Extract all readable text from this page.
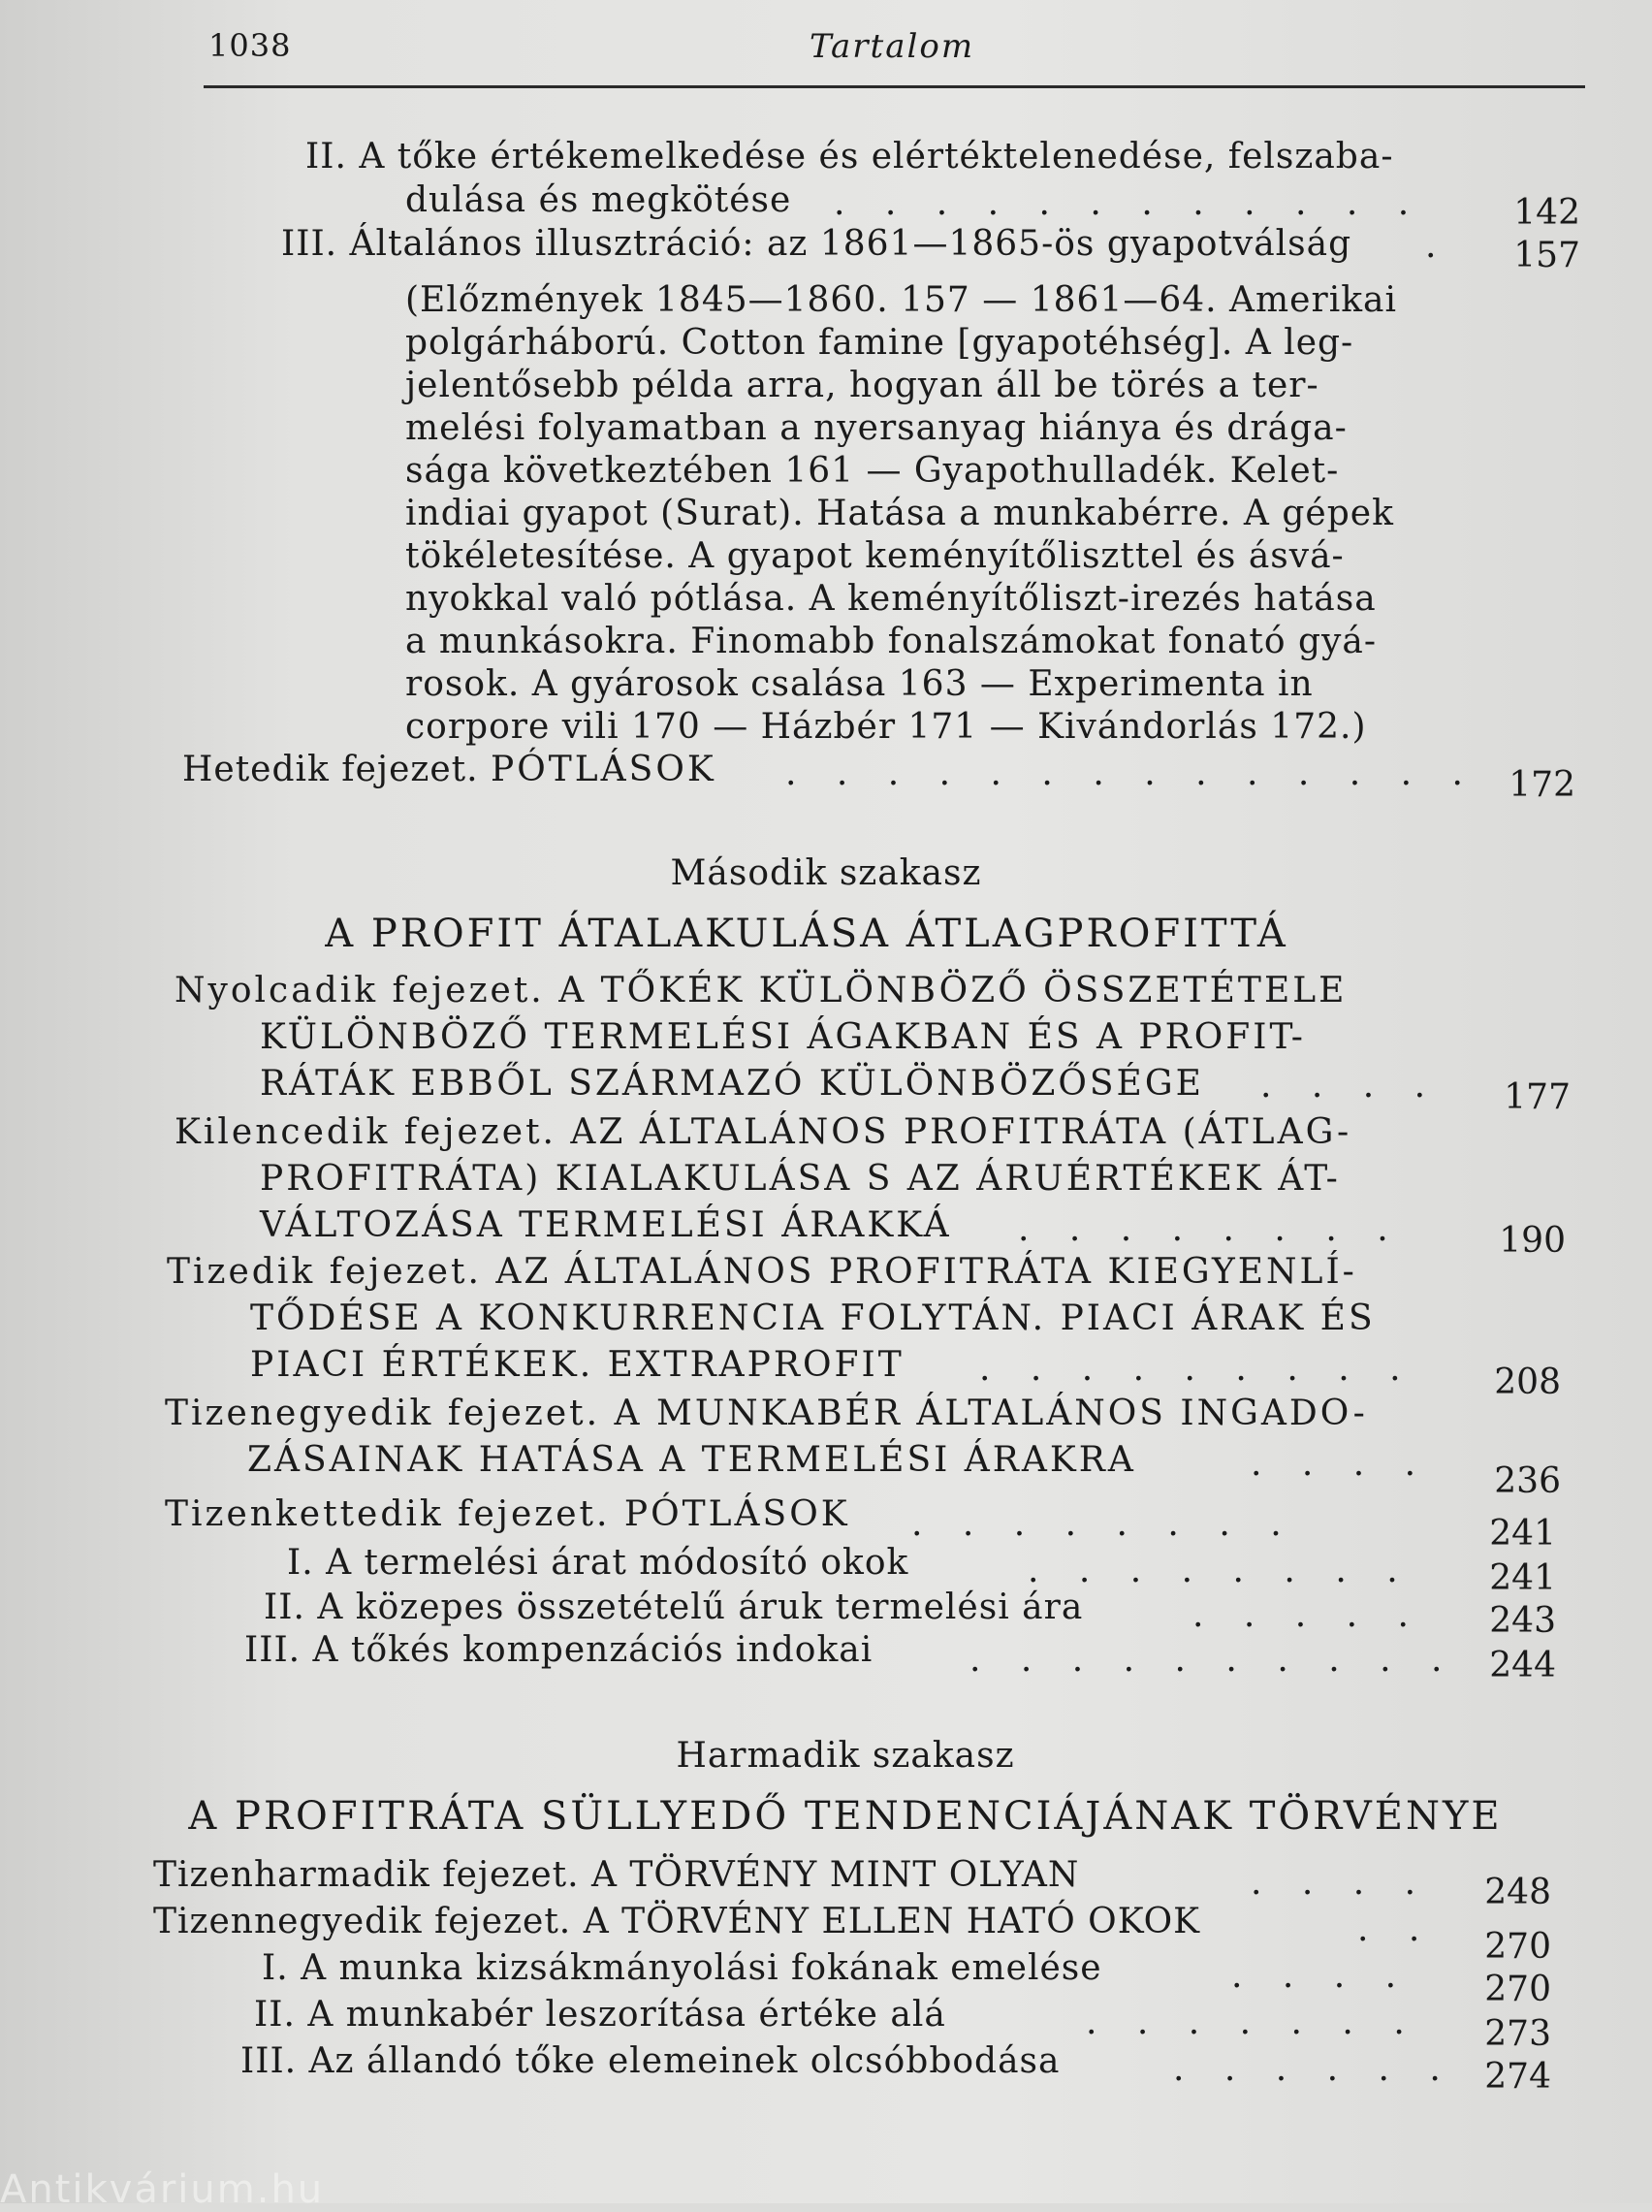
1038	Tartalom
II. A tőke értékemelkedése és elértéktelenedése, felszaba-
dulása és megkötése . . . . . . . . . . . .	142
III. Általános illusztráció: az 1861—1865-ös gyapotválság .	157
(Előzmények 1845—1860. 157 — 1861—64. Amerikai
polgárháború. Cotton famine [gyapotéhség]. A leg-
jelentősebb példa arra, hogyan áll be törés a ter-
melési folyamatban a nyersanyag hiánya és drága-
sága következtében 161 — Gyapothulladék. Kelet-
indiai gyapot (Surat). Hatása a munkabérre. A gépek
tökéletesítése. A gyapot keményítőliszttel és ásvá-
nyokkal való pótlása. A keményítőliszt-irezés hatása
a munkásokra. Finomabb fonalszámokat fonató gyá-
rosok. A gyárosok csalása 163 — Experimenta in
corpore vili 170 — Házbér 171 — Kivándorlás 172.)
Hetedik fejezet. PÓTLÁSOK . . . . . . . . . . . . . . 172
Második szakasz
A PROFIT ÁTALAKULÁSA ÁTLAGPROFITTÁ
Nyolcadik fejezet. A TŐKÉK KÜLÖNBÖZŐ ÖSSZETÉTELE
KÜLÖNBÖZŐ TERMELÉSI ÁGAKBAN ÉS A PROFIT-
RÁTÁK EBBŐL SZÁRMAZÓ KÜLÖNBÖZŐSÉGE . . . .	177
Kilencedik fejezet. AZ ÁLTALÁNOS PROFITRÁTA (ÁTLAG-
PROFITRÁTA) KIALAKULÁSA S AZ ÁRUÉRTÉKEK ÁT-
VÁLTOZÁSA TERMELÉSI ÁRAKKÁ . . . . . . . .	190
Tizedik fejezet. AZ ÁLTALÁNOS PROFITRÁTA KIEGYENLÍ-
TŐDÉSE A KONKURRENCIA FOLYTÁN. PIACI ÁRAK ÉS
PIACI ÉRTÉKEK. EXTRAPROFIT . . . . . . . . .	208
Tizenegyedik fejezet. A MUNKABÉR ÁLTALÁNOS INGADO-
ZÁSAINAK HATÁSA A TERMELÉSI ÁRAKRA	. . . .	236
Tizenkettedik fejezet. PÓTLÁSOK . . . . . . . .	241
I. A termelési árat módosító okok	. . . . . . . .	241
II. A közepes összetételű áruk termelési ára	. . . . .	243
III. A tőkés kompenzációs indokai	. . . . . . . . . . 244
Harmadik szakasz
A PROFITRÁTA SÜLLYEDŐ TENDENCIÁJÁNAK TÖRVÉNYE
Tizenharmadik fejezet. A TÖRVÉNY MINT OLYAN	. . . .	248
Tizennegyedik fejezet. A TÖRVÉNY ELLEN HATÓ OKOK	. .	270
I. A munka kizsákmányolási fokának emelése	. . . .	270
II. A munkabér leszorítása értéke alá	. . . . . . .	273
III. Az állandó tőke elemeinek olcsóbbodása	. . . . . . 274
Antikvárium.hu
